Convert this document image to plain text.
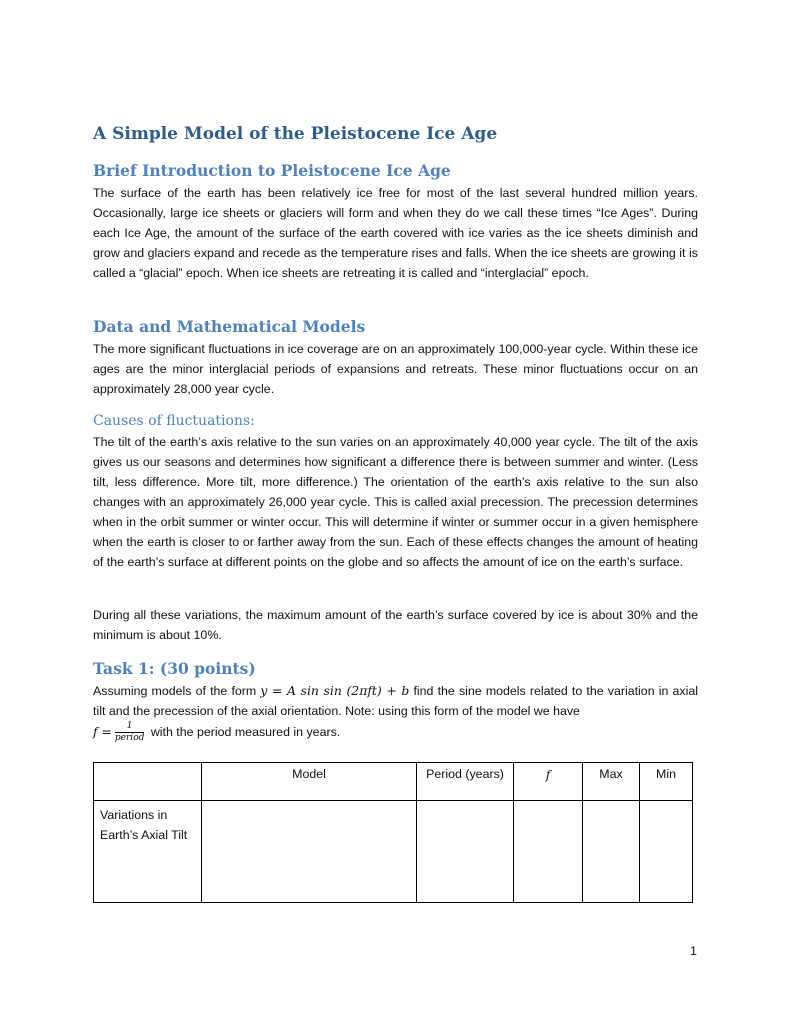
A Simple Model of the Pleistocene Ice Age
Brief Introduction to Pleistocene Ice Age

The surface of the earth has been relatively ice free for most of the last several hundred million years. Occasionally, large ice sheets or glaciers will form and when they do we call these times “Ice Ages”. During each Ice Age, the amount of the surface of the earth covered with ice varies as the ice sheets diminish and grow and glaciers expand and recede as the temperature rises and falls. When the ice sheets are growing it is called a “glacial” epoch. When ice sheets are retreating it is called and “interglacial” epoch.

Data and Mathematical Models

The more significant fluctuations in ice coverage are on an approximately 100,000-year cycle. Within these ice ages are the minor interglacial periods of expansions and retreats. These minor fluctuations occur on an approximately 28,000 year cycle.

Causes of fluctuations:

The tilt of the earth’s axis relative to the sun varies on an approximately 40,000 year cycle. The tilt of the axis gives us our seasons and determines how significant a difference there is between summer and winter. (Less tilt, less difference. More tilt, more difference.) The orientation of the earth’s axis relative to the sun also changes with an approximately 26,000 year cycle. This is called axial precession. The precession determines when in the orbit summer or winter occur. This will determine if winter or summer occur in a given hemisphere when the earth is closer to or farther away from the sun. Each of these effects changes the amount of heating of the earth’s surface at different points on the globe and so affects the amount of ice on the earth’s surface.

During all these variations, the maximum amount of the earth’s surface covered by ice is about 30% and the minimum is about 10%.

Task 1: (30 points)

Assuming models of the form y = A sin sin (2πft) + b find the sine models related to the variation in axial tilt and the precession of the axial orientation. Note: using this form of the model we have
$f = \frac{1}{\text{period}}$ with the period measured in years.

	Model	Period (years)	f	Max	Min
Variations in Earth’s Axial Tilt					
1
